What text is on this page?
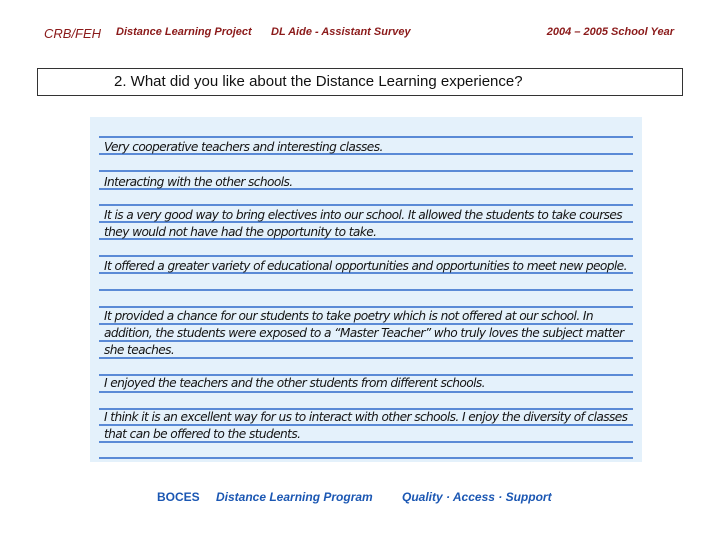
CRB/FEH Distance Learning Project DL Aide - Assistant Survey	2004 – 2005 School Year
2. What did you like about the Distance Learning experience?
Very cooperative teachers and interesting classes.
Interacting with the other schools.
It is a very good way to bring electives into our school. It allowed the students to take courses they would not have had the opportunity to take.
It offered a greater variety of educational opportunities and opportunities to meet new people.
It provided a chance for our students to take poetry which is not offered at our school. In addition, the students were exposed to a “Master Teacher” who truly loves the subject matter she teaches.
I enjoyed the teachers and the other students from different schools.
I think it is an excellent way for us to interact with other schools. I enjoy the diversity of classes that can be offered to the students.
BOCES Distance Learning Program Quality · Access · Support
